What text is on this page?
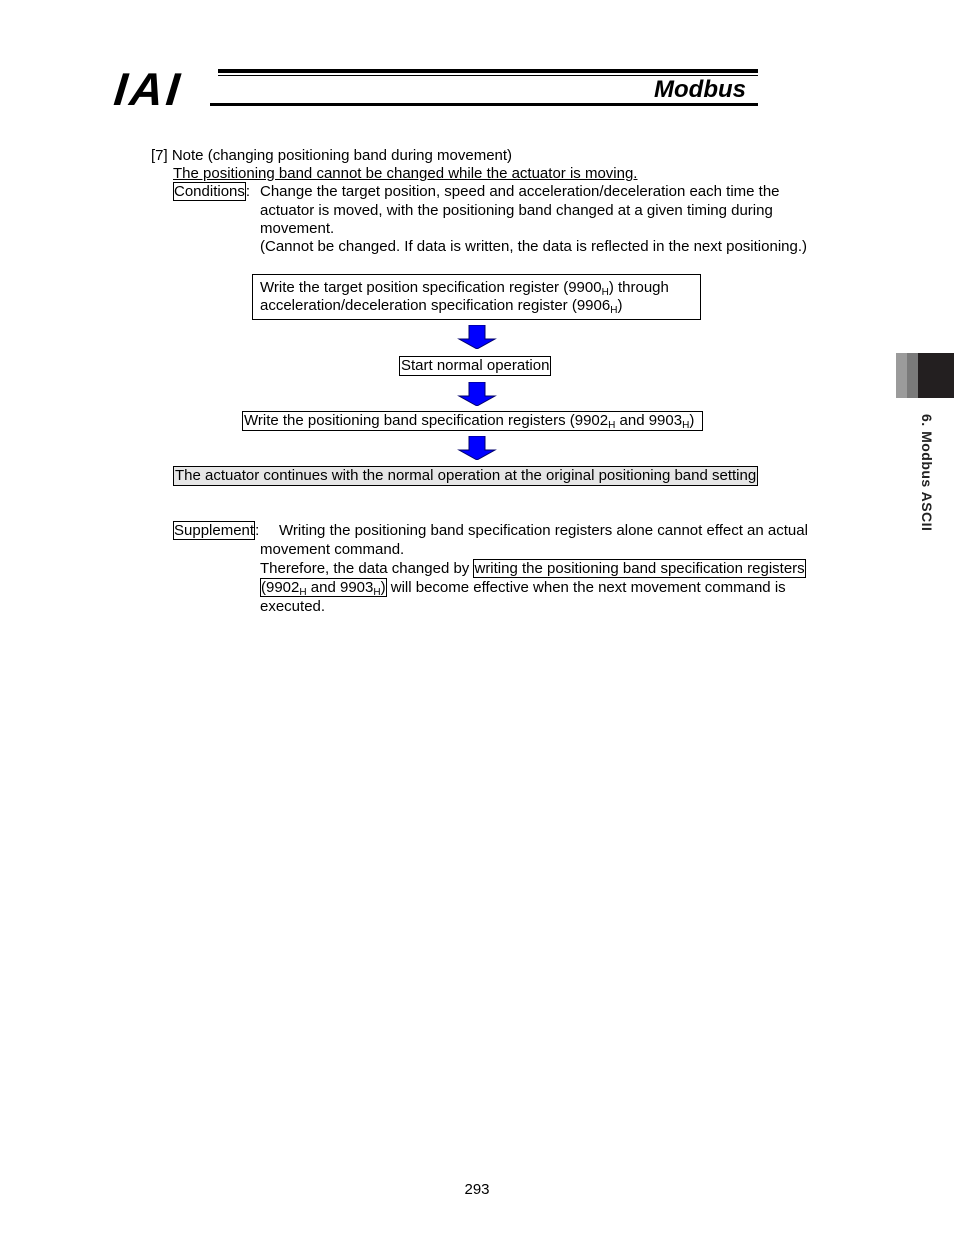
IAI	Modbus
[7] Note (changing positioning band during movement)
The positioning band cannot be changed while the actuator is moving.
Conditions: Change the target position, speed and acceleration/deceleration each time the
actuator is moved, with the positioning band changed at a given timing during
movement.
(Cannot be changed. If data is written, the data is reflected in the next positioning.)
Write the target position specification register $(9900_H)$ through
acceleration/deceleration specification register $(9906_H)$
Start normal operation
Write the positioning band specification registers ($9902_H$ and $9903_H$)
The actuator continues with the normal operation at the original positioning band setting
Supplement: Writing the positioning band specification registers alone cannot effect an actual
movement command.
Therefore, the data changed by writing the positioning band specification registers
($9902_H$ and $9903_H$) will become effective when the next movement command is
executed.
6. Modbus ASCII
293
